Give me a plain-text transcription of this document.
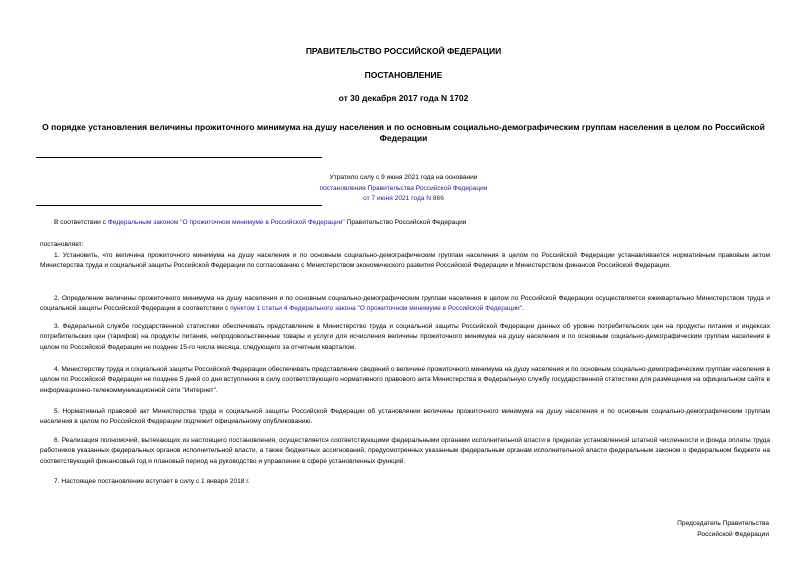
ПРАВИТЕЛЬСТВО РОССИЙСКОЙ ФЕДЕРАЦИИ
ПОСТАНОВЛЕНИЕ
от 30 декабря 2017 года N 1702
О порядке установления величины прожиточного минимума на душу населения и по основным социально-демографическим группам населения в целом по Российской Федерации
Утратило силу с 9 июня 2021 года на основании
постановления Правительства Российской Федерации
от 7 июня 2021 года N 866
В соответствии с Федеральным законом "О прожиточном минимуме в Российской Федерации" Правительство Российской Федерации
постановляет:
1. Установить, что величина прожиточного минимума на душу населения и по основным социально-демографическим группам населения в целом по Российской Федерации устанавливается нормативным правовым актом Министерства труда и социальной защиты Российской Федерации по согласованию с Министерством экономического развития Российской Федерации и Министерством финансов Российской Федерации.
2. Определение величины прожиточного минимума на душу населения и по основным социально-демографическим группам населения в целом по Российской Федерации осуществляется ежеквартально Министерством труда и социальной защиты Российской Федерации в соответствии с пунктом 1 статьи 4 Федерального закона "О прожиточном минимуме в Российской Федерации".
3. Федеральной службе государственной статистики обеспечивать представление в Министерство труда и социальной защиты Российской Федерации данных об уровне потребительских цен на продукты питания и индексах потребительских цен (тарифов) на продукты питания, непродовольственные товары и услуги для исчисления величины прожиточного минимума на душу населения и по основным социально-демографическим группам населения в целом по Российской Федерации не позднее 15-го числа месяца, следующего за отчетным кварталом.
4. Министерству труда и социальной защиты Российской Федерации обеспечивать представление сведений о величине прожиточного минимума на душу населения и по основным социально-демографическим группам населения в целом по Российской Федерации не позднее 5 дней со дня вступления в силу соответствующего нормативного правового акта Министерства в Федеральную службу государственной статистики для размещения на официальном сайте в информационно-телекоммуникационной сети "Интернет".
5. Нормативный правовой акт Министерства труда и социальной защиты Российской Федерации об установлении величины прожиточного минимума на душу населения и по основным социально-демографическим группам населения в целом по Российской Федерации подлежит официальному опубликованию.
6. Реализация полномочий, вытекающих из настоящего постановления, осуществляется соответствующими федеральными органами исполнительной власти в пределах установленной штатной численности и фонда оплаты труда работников указанных федеральных органов исполнительной власти, а также бюджетных ассигнований, предусмотренных указанным федеральным органам исполнительной власти федеральным законом о федеральном бюджете на соответствующий финансовый год и плановый период на руководство и управление в сфере установленных функций.
7. Настоящее постановление вступает в силу с 1 января 2018 г.
Председатель Правительства
Российской Федерации
